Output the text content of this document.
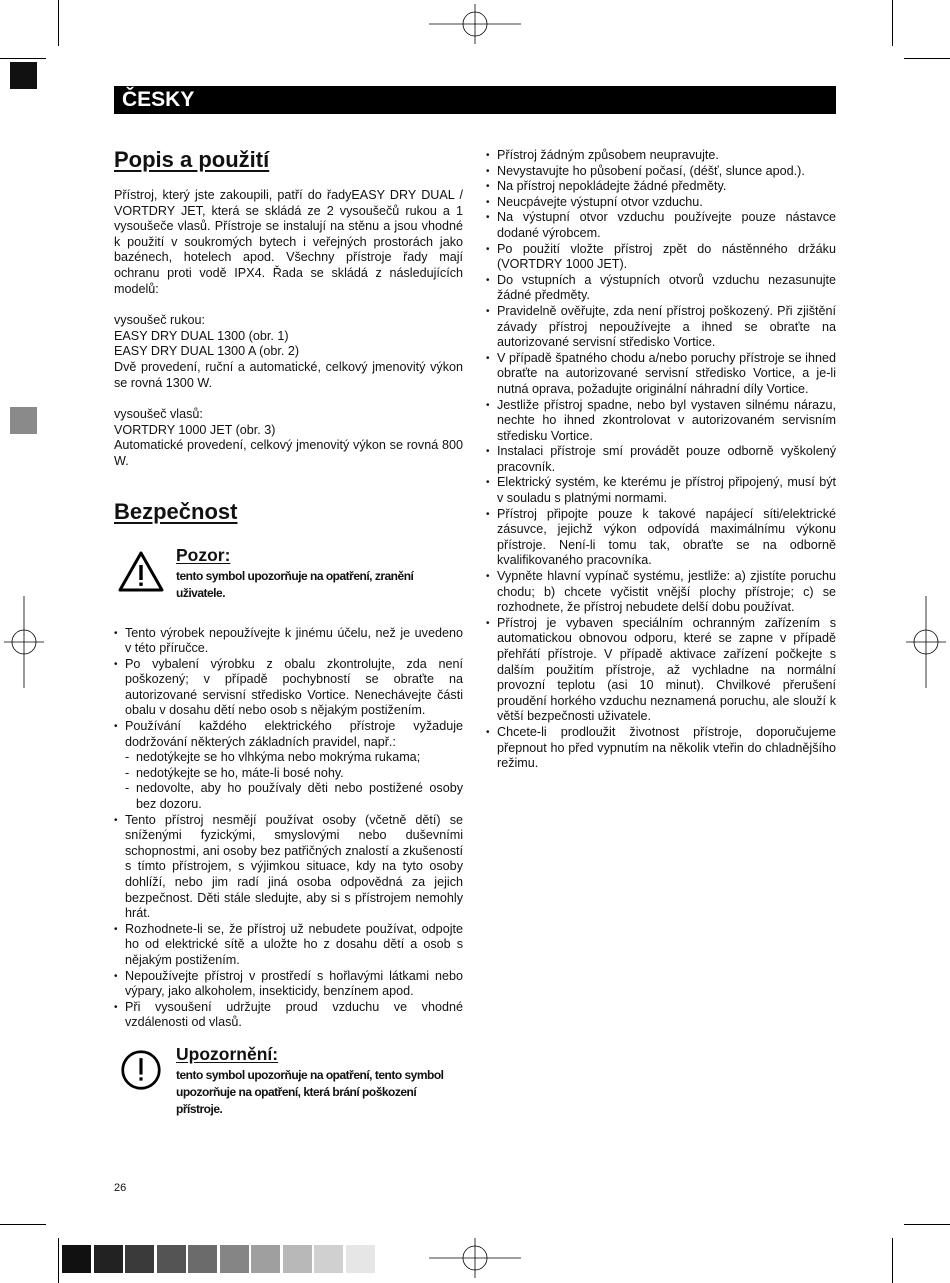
ČESKY
Popis a použití

Přístroj, který jste zakoupili, patří do řadyEASY DRY DUAL / VORTDRY JET, která se skládá ze 2 vysoušečů rukou a 1 vysoušeče vlasů. Přístroje se instalují na stěnu a jsou vhodné k použití v soukromých bytech i veřejných prostorách jako bazénech, hotelech apod. Všechny přístroje řady mají ochranu proti vodě IPX4. Řada se skládá z následujících modelů:

vysoušeč rukou:

EASY DRY DUAL 1300 (obr. 1)

EASY DRY DUAL 1300 A (obr. 2)

Dvě provedení, ruční a automatické, celkový jmenovitý výkon se rovná 1300 W.

vysoušeč vlasů:

VORTDRY 1000 JET (obr. 3)

Automatické provedení, celkový jmenovitý výkon se rovná 800 W.

Bezpečnost
Pozor:
tento symbol upozorňuje na opatření, zranění uživatele.
• Tento výrobek nepoužívejte k jinému účelu, než je uvedeno v této příručce.
• Po vybalení výrobku z obalu zkontrolujte, zda není poškozený; v případě pochybností se obraťte na autorizované servisní středisko Vortice. Nenechávejte části obalu v dosahu dětí nebo osob s nějakým postižením.
• Používání každého elektrického přístroje vyžaduje dodržování některých základních pravidel, např.:
- nedotýkejte se ho vlhkýma nebo mokrýma rukama;
- nedotýkejte se ho, máte-li bosé nohy.
- nedovolte, aby ho používaly děti nebo postižené osoby bez dozoru.
• Tento přístroj nesmějí používat osoby (včetně dětí) se sníženými fyzickými, smyslovými nebo duševními schopnostmi, ani osoby bez patřičných znalostí a zkušeností s tímto přístrojem, s výjimkou situace, kdy na tyto osoby dohlíží, nebo jim radí jiná osoba odpovědná za jejich bezpečnost. Děti stále sledujte, aby si s přístrojem nemohly hrát.
• Rozhodnete-li se, že přístroj už nebudete používat, odpojte ho od elektrické sítě a uložte ho z dosahu dětí a osob s nějakým postižením.
• Nepoužívejte přístroj v prostředí s hořlavými látkami nebo výpary, jako alkoholem, insekticidy, benzínem apod.
• Při vysoušení udržujte proud vzduchu ve vhodné vzdálenosti od vlasů.
Upozornění:
tento symbol upozorňuje na opatření, tento symbol upozorňuje na opatření, která brání poškození přístroje.
• Přístroj žádným způsobem neupravujte.
• Nevystavujte ho působení počasí, (déšť, slunce apod.).
• Na přístroj nepokládejte žádné předměty.
• Neucpávejte výstupní otvor vzduchu.
• Na výstupní otvor vzduchu používejte pouze nástavce dodané výrobcem.
• Po použití vložte přístroj zpět do nástěnného držáku (VORTDRY 1000 JET).
• Do vstupních a výstupních otvorů vzduchu nezasunujte žádné předměty.
• Pravidelně ověřujte, zda není přístroj poškozený. Při zjištění závady přístroj nepoužívejte a ihned se obraťte na autorizované servisní středisko Vortice.
• V případě špatného chodu a/nebo poruchy přístroje se ihned obraťte na autorizované servisní středisko Vortice, a je-li nutná oprava, požadujte originální náhradní díly Vortice.
• Jestliže přístroj spadne, nebo byl vystaven silnému nárazu, nechte ho ihned zkontrolovat v autorizovaném servisním středisku Vortice.
• Instalaci přístroje smí provádět pouze odborně vyškolený pracovník.
• Elektrický systém, ke kterému je přístroj připojený, musí být v souladu s platnými normami.
• Přístroj připojte pouze k takové napájecí síti/elektrické zásuvce, jejichž výkon odpovídá maximálnímu výkonu přístroje. Není-li tomu tak, obraťte se na odborně kvalifikovaného pracovníka.
• Vypněte hlavní vypínač systému, jestliže: a) zjistíte poruchu chodu; b) chcete vyčistit vnější plochy přístroje; c) se rozhodnete, že přístroj nebudete delší dobu používat.
• Přístroj je vybaven speciálním ochranným zařízením s automatickou obnovou odporu, které se zapne v případě přehřátí přístroje. V případě aktivace zařízení počkejte s dalším použitím přístroje, až vychladne na normální provozní teplotu (asi 10 minut). Chvilkové přerušení proudění horkého vzduchu neznamená poruchu, ale slouží k větší bezpečnosti uživatele.
• Chcete-li prodloužit životnost přístroje, doporučujeme přepnout ho před vypnutím na několik vteřin do chladnějšího režimu.
26
